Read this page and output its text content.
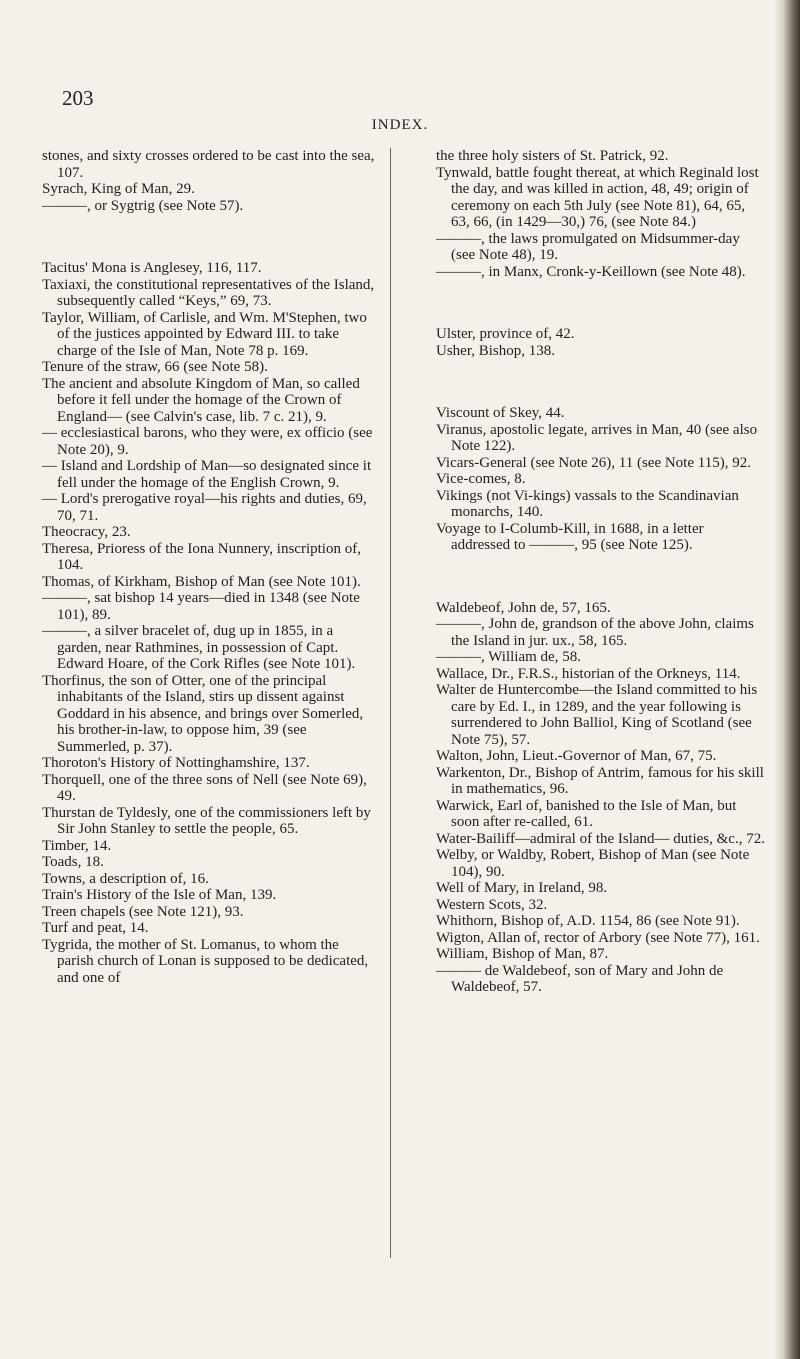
203
INDEX.

stones, and sixty crosses ordered to be cast into the sea, 107.

Syrach, King of Man, 29.

———, or Sygtrig (see Note 57).

Tacitus' Mona is Anglesey, 116, 117.

Taxiaxi, the constitutional representatives of the Island, subsequently called “Keys,” 69, 73.

Taylor, William, of Carlisle, and Wm. M'Stephen, two of the justices appointed by Edward III. to take charge of the Isle of Man, Note 78 p. 169.

Tenure of the straw, 66 (see Note 58).

The ancient and absolute Kingdom of Man, so called before it fell under the homage of the Crown of England— (see Calvin's case, lib. 7 c. 21), 9.

— ecclesiastical barons, who they were, ex officio (see Note 20), 9.

— Island and Lordship of Man—so designated since it fell under the homage of the English Crown, 9.

— Lord's prerogative royal—his rights and duties, 69, 70, 71.

Theocracy, 23.

Theresa, Prioress of the Iona Nunnery, inscription of, 104.

Thomas, of Kirkham, Bishop of Man (see Note 101).

———, sat bishop 14 years—died in 1348 (see Note 101), 89.

———, a silver bracelet of, dug up in 1855, in a garden, near Rathmines, in possession of Capt. Edward Hoare, of the Cork Rifles (see Note 101).

Thorfinus, the son of Otter, one of the principal inhabitants of the Island, stirs up dissent against Goddard in his absence, and brings over Somerled, his brother-in-law, to oppose him, 39 (see Summerled, p. 37).

Thoroton's History of Nottinghamshire, 137.

Thorquell, one of the three sons of Nell (see Note 69), 49.

Thurstan de Tyldesly, one of the commissioners left by Sir John Stanley to settle the people, 65.

Timber, 14.

Toads, 18.

Towns, a description of, 16.

Train's History of the Isle of Man, 139.

Treen chapels (see Note 121), 93.

Turf and peat, 14.

Tygrida, the mother of St. Lomanus, to whom the parish church of Lonan is supposed to be dedicated, and one of

the three holy sisters of St. Patrick, 92.

Tynwald, battle fought thereat, at which Reginald lost the day, and was killed in action, 48, 49; origin of ceremony on each 5th July (see Note 81), 64, 65, 63, 66, (in 1429—30,) 76, (see Note 84.)

———, the laws promulgated on Midsummer-day (see Note 48), 19.

———, in Manx, Cronk-y-Keillown (see Note 48).

Ulster, province of, 42.

Usher, Bishop, 138.

Viscount of Skey, 44.

Viranus, apostolic legate, arrives in Man, 40 (see also Note 122).

Vicars-General (see Note 26), 11 (see Note 115), 92.

Vice-comes, 8.

Vikings (not Vi-kings) vassals to the Scandinavian monarchs, 140.

Voyage to I-Columb-Kill, in 1688, in a letter addressed to ———, 95 (see Note 125).

Waldebeof, John de, 57, 165.

———, John de, grandson of the above John, claims the Island in jur. ux., 58, 165.

———, William de, 58.

Wallace, Dr., F.R.S., historian of the Orkneys, 114.

Walter de Huntercombe—the Island committed to his care by Ed. I., in 1289, and the year following is surrendered to John Balliol, King of Scotland (see Note 75), 57.

Walton, John, Lieut.-Governor of Man, 67, 75.

Warkenton, Dr., Bishop of Antrim, famous for his skill in mathematics, 96.

Warwick, Earl of, banished to the Isle of Man, but soon after re-called, 61.

Water-Bailiff—admiral of the Island— duties, &c., 72.

Welby, or Waldby, Robert, Bishop of Man (see Note 104), 90.

Well of Mary, in Ireland, 98.

Western Scots, 32.

Whithorn, Bishop of, A.D. 1154, 86 (see Note 91).

Wigton, Allan of, rector of Arbory (see Note 77), 161.

William, Bishop of Man, 87.

——— de Waldebeof, son of Mary and John de Waldebeof, 57.
